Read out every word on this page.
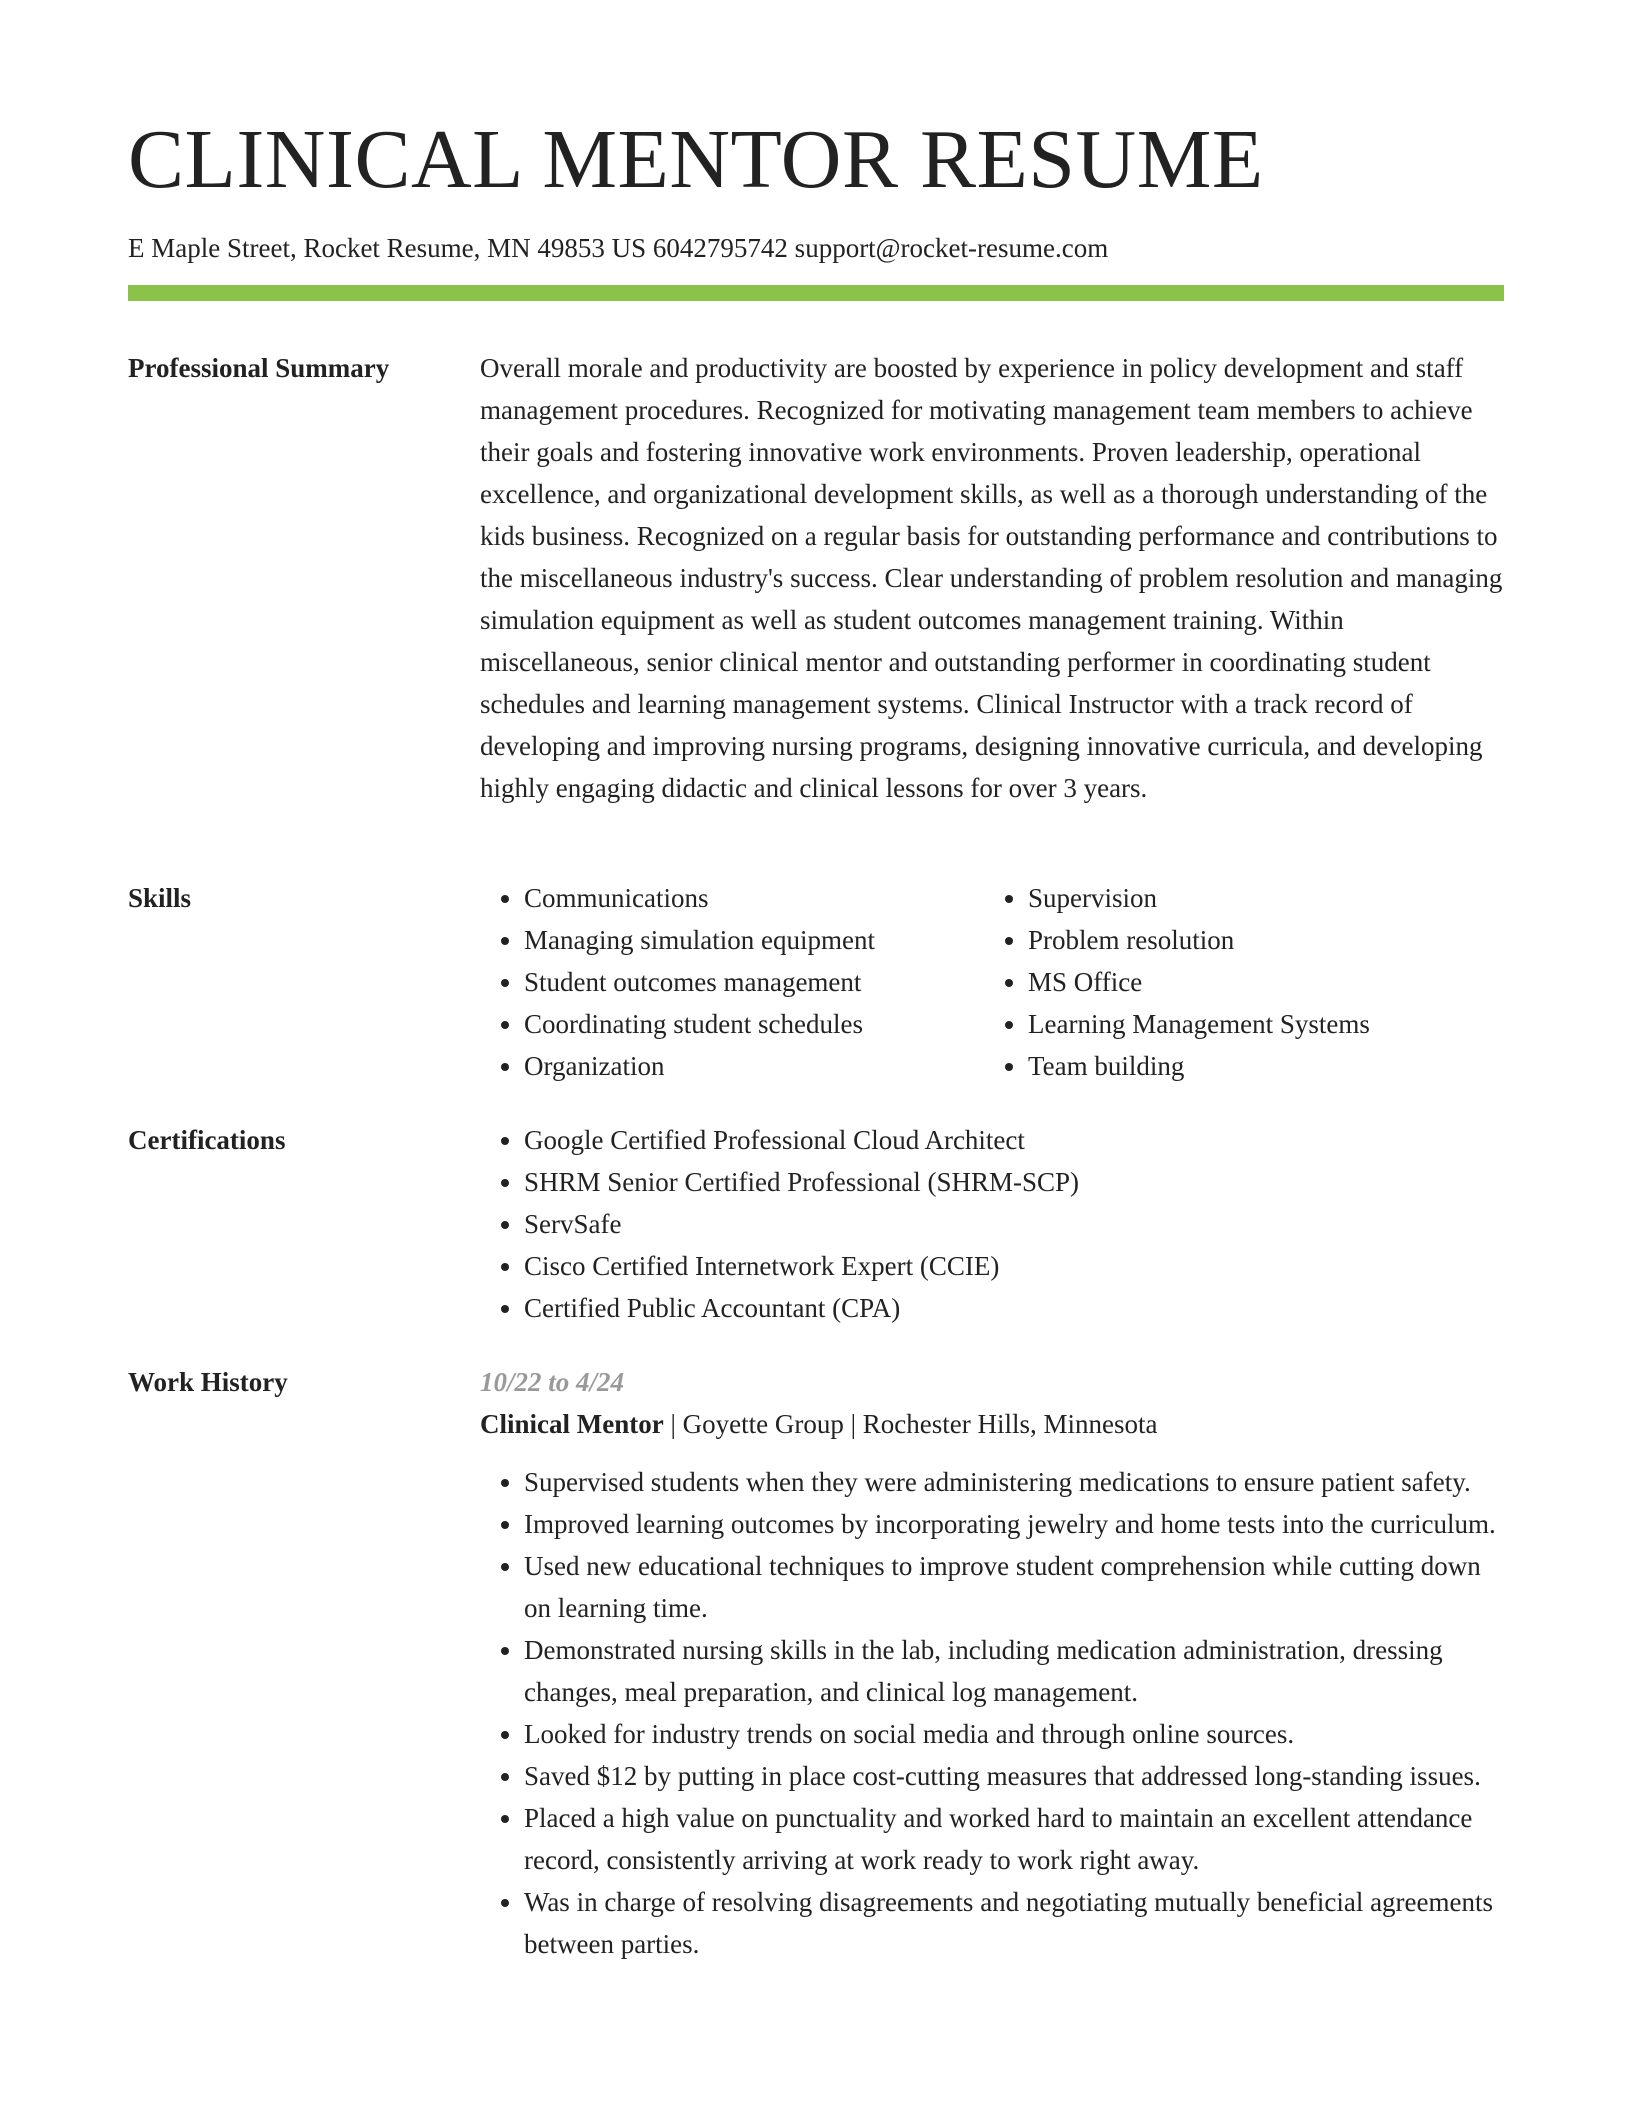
CLINICAL MENTOR RESUME
E Maple Street, Rocket Resume, MN 49853 US 6042795742 support@rocket-resume.com
Professional Summary	Overall morale and productivity are boosted by experience in policy development and staff management procedures. Recognized for motivating management team members to achieve their goals and fostering innovative work environments. Proven leadership, operational excellence, and organizational development skills, as well as a thorough understanding of the kids business. Recognized on a regular basis for outstanding performance and contributions to the miscellaneous industry's success. Clear understanding of problem resolution and managing simulation equipment as well as student outcomes management training. Within miscellaneous, senior clinical mentor and outstanding performer in coordinating student schedules and learning management systems. Clinical Instructor with a track record of developing and improving nursing programs, designing innovative curricula, and developing highly engaging didactic and clinical lessons for over 3 years.

Skills	• Communications
• Managing simulation equipment
• Student outcomes management
• Coordinating student schedules
• Organization
• Supervision
• Problem resolution
• MS Office
• Learning Management Systems
• Team building
Certifications	• Google Certified Professional Cloud Architect
• SHRM Senior Certified Professional (SHRM-SCP)
• ServSafe
• Cisco Certified Internetwork Expert (CCIE)
• Certified Public Accountant (CPA)
Work History	10/22 to 4/24
Clinical Mentor | Goyette Group | Rochester Hills, Minnesota
• Supervised students when they were administering medications to ensure patient safety.
• Improved learning outcomes by incorporating jewelry and home tests into the curriculum.
• Used new educational techniques to improve student comprehension while cutting down on learning time.
• Demonstrated nursing skills in the lab, including medication administration, dressing changes, meal preparation, and clinical log management.
• Looked for industry trends on social media and through online sources.
• Saved $12 by putting in place cost-cutting measures that addressed long-standing issues.
• Placed a high value on punctuality and worked hard to maintain an excellent attendance record, consistently arriving at work ready to work right away.
• Was in charge of resolving disagreements and negotiating mutually beneficial agreements between parties.
